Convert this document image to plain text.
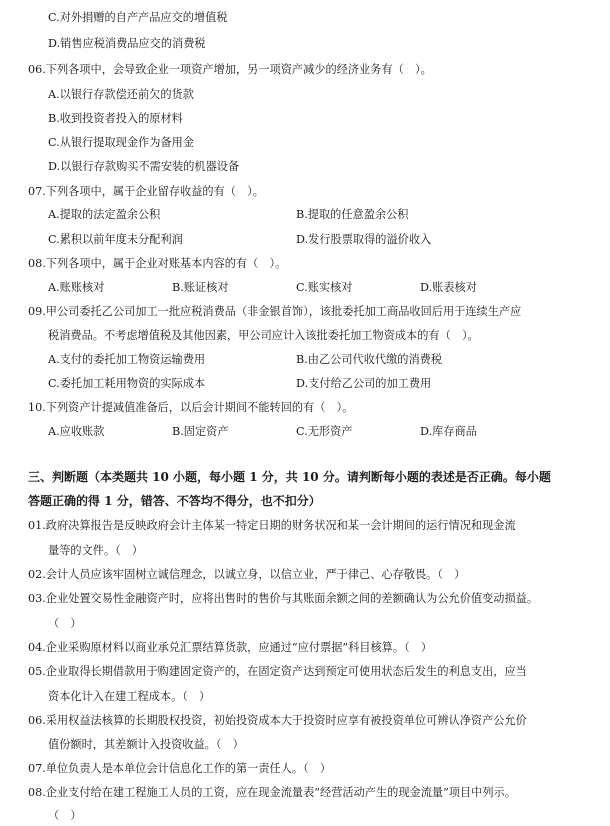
C.对外捐赠的自产产品应交的增值税
D.销售应税消费品应交的消费税
06.下列各项中，会导致企业一项资产增加，另一项资产减少的经济业务有（　）。
A.以银行存款偿还前欠的货款
B.收到投资者投入的原材料
C.从银行提取现金作为备用金
D.以银行存款购买不需安装的机器设备
07.下列各项中，属于企业留存收益的有（　）。
A.提取的法定盈余公积	B.提取的任意盈余公积
C.累积以前年度未分配利润	D.发行股票取得的溢价收入
08.下列各项中，属于企业对账基本内容的有（　）。
A.账账核对	B.账证核对	C.账实核对	D.账表核对
09.甲公司委托乙公司加工一批应税消费品（非金银首饰），该批委托加工商品收回后用于连续生产应
税消费品。不考虑增值税及其他因素，甲公司应计入该批委托加工物资成本的有（　）。
A.支付的委托加工物资运输费用	B.由乙公司代收代缴的消费税
C.委托加工耗用物资的实际成本	D.支付给乙公司的加工费用
10.下列资产计提减值准备后，以后会计期间不能转回的有（　）。
A.应收账款	B.固定资产	C.无形资产	D.库存商品
三、判断题（本类题共 10 小题，每小题 1 分，共 10 分。请判断每小题的表述是否正确。每小题
答题正确的得 1 分，错答、不答均不得分，也不扣分）
01.政府决算报告是反映政府会计主体某一特定日期的财务状况和某一会计期间的运行情况和现金流
量等的文件。（　）
02.会计人员应该牢固树立诚信理念，以诚立身，以信立业，严于律己、心存敬畏。（　）
03.企业处置交易性金融资产时，应将出售时的售价与其账面余额之间的差额确认为公允价值变动损益。
（　）
04.企业采购原材料以商业承兑汇票结算货款，应通过“应付票据”科目核算。（　）
05.企业取得长期借款用于购建固定资产的，在固定资产达到预定可使用状态后发生的利息支出，应当
资本化计入在建工程成本。（　）
06.采用权益法核算的长期股权投资，初始投资成本大于投资时应享有被投资单位可辨认净资产公允价
值份额时，其差额计入投资收益。（　）
07.单位负责人是本单位会计信息化工作的第一责任人。（　）
08.企业支付给在建工程施工人员的工资，应在现金流量表“经营活动产生的现金流量”项目中列示。
（　）
